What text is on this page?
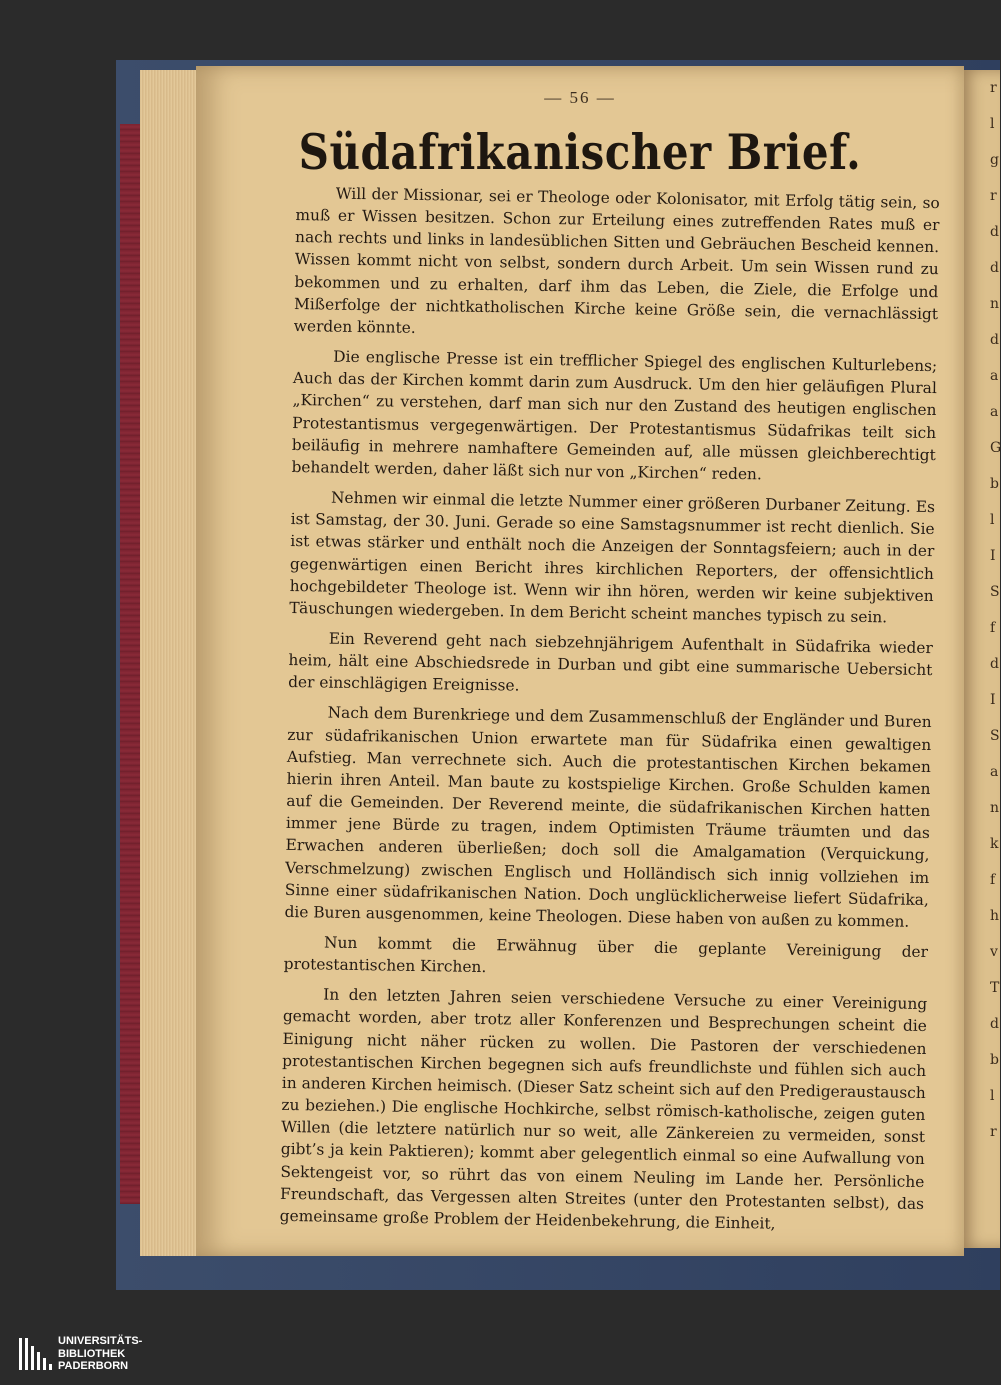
r
l
g
r
d
d
n
d
a
a
G
b
l
I
S
f
d
I
S
a
n
k
f
h
v
T
d
b
l
r
— 56 —
Südafrikanischer Brief.

Will der Missionar, sei er Theologe oder Kolonisator, mit Erfolg tätig sein, so muß er Wissen besitzen. Schon zur Erteilung eines zutreffenden Rates muß er nach rechts und links in landesüblichen Sitten und Gebräuchen Bescheid kennen. Wissen kommt nicht von selbst, sondern durch Arbeit. Um sein Wissen rund zu bekommen und zu erhalten, darf ihm das Leben, die Ziele, die Erfolge und Mißerfolge der nichtkatholischen Kirche keine Größe sein, die vernachlässigt werden könnte.

Die englische Presse ist ein trefflicher Spiegel des englischen Kulturlebens; Auch das der Kirchen kommt darin zum Ausdruck. Um den hier geläufigen Plural „Kirchen“ zu verstehen, darf man sich nur den Zustand des heutigen englischen Protestantismus vergegenwärtigen. Der Protestantismus Südafrikas teilt sich beiläufig in mehrere namhaftere Gemeinden auf, alle müssen gleichberechtigt behandelt werden, daher läßt sich nur von „Kirchen“ reden.

Nehmen wir einmal die letzte Nummer einer größeren Durbaner Zeitung. Es ist Samstag, der 30. Juni. Gerade so eine Samstagsnummer ist recht dienlich. Sie ist etwas stärker und enthält noch die Anzeigen der Sonntagsfeiern; auch in der gegenwärtigen einen Bericht ihres kirchlichen Reporters, der offensichtlich hochgebildeter Theologe ist. Wenn wir ihn hören, werden wir keine subjektiven Täuschungen wiedergeben. In dem Bericht scheint manches typisch zu sein.

Ein Reverend geht nach siebzehnjährigem Aufenthalt in Südafrika wieder heim, hält eine Abschiedsrede in Durban und gibt eine summarische Uebersicht der einschlägigen Ereignisse.

Nach dem Burenkriege und dem Zusammenschluß der Engländer und Buren zur südafrikanischen Union erwartete man für Südafrika einen gewaltigen Aufstieg. Man verrechnete sich. Auch die protestantischen Kirchen bekamen hierin ihren Anteil. Man baute zu kostspielige Kirchen. Große Schulden kamen auf die Gemeinden. Der Reverend meinte, die südafrikanischen Kirchen hatten immer jene Bürde zu tragen, indem Optimisten Träume träumten und das Erwachen anderen überließen; doch soll die Amalgamation (Verquickung, Verschmelzung) zwischen Englisch und Holländisch sich innig vollziehen im Sinne einer südafrikanischen Nation. Doch unglücklicherweise liefert Südafrika, die Buren ausgenommen, keine Theologen. Diese haben von außen zu kommen.

Nun kommt die Erwähnug über die geplante Vereinigung der protestantischen Kirchen.

In den letzten Jahren seien verschiedene Versuche zu einer Vereinigung gemacht worden, aber trotz aller Konferenzen und Besprechungen scheint die Einigung nicht näher rücken zu wollen. Die Pastoren der verschiedenen protestantischen Kirchen begegnen sich aufs freundlichste und fühlen sich auch in anderen Kirchen heimisch. (Dieser Satz scheint sich auf den Predigeraustausch zu beziehen.) Die englische Hochkirche, selbst römisch-katholische, zeigen guten Willen (die letztere natürlich nur so weit, alle Zänkereien zu vermeiden, sonst gibt’s ja kein Paktieren); kommt aber gelegentlich einmal so eine Aufwallung von Sektengeist vor, so rührt das von einem Neuling im Lande her. Persönliche Freundschaft, das Vergessen alten Streites (unter den Protestanten selbst), das gemeinsame große Problem der Heidenbekehrung, die Einheit,

UNIVERSITÄTS-
BIBLIOTHEK
PADERBORN
